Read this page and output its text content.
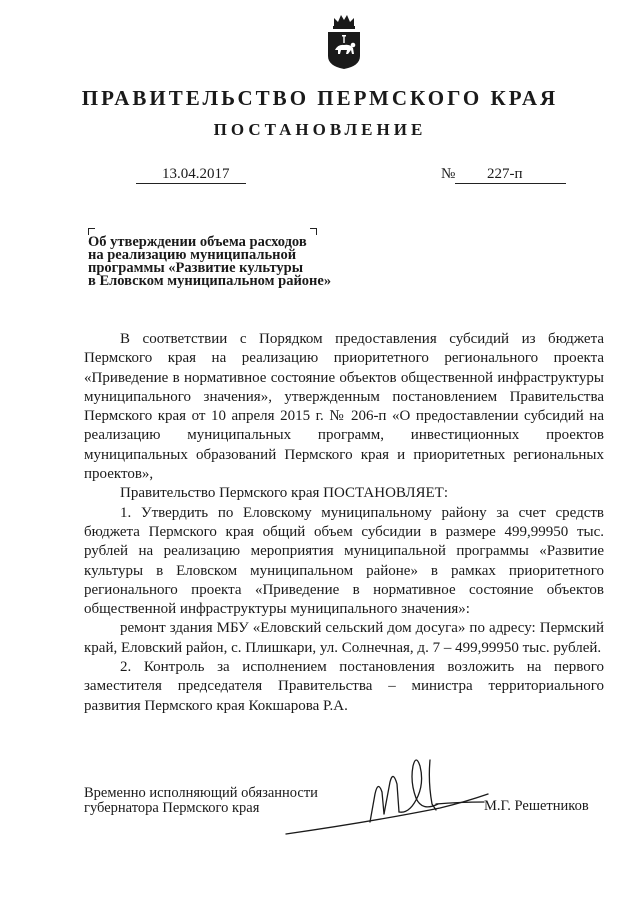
ПРАВИТЕЛЬСТВО ПЕРМСКОГО КРАЯ
ПОСТАНОВЛЕНИЕ
13.04.2017	№ 227-п
Об утверждении объема расходов
на реализацию муниципальной
программы «Развитие культуры
в Еловском муниципальном районе»

В соответствии с Порядком предоставления субсидий из бюджета Пермского края на реализацию приоритетного регионального проекта «Приведение в нормативное состояние объектов общественной инфраструктуры муниципального значения», утвержденным постановлением Правительства Пермского края от 10 апреля 2015 г. № 206-п «О предоставлении субсидий на реализацию муниципальных программ, инвестиционных проектов муниципальных образований Пермского края и приоритетных региональных проектов»,

Правительство Пермского края ПОСТАНОВЛЯЕТ:

1. Утвердить по Еловскому муниципальному району за счет средств бюджета Пермского края общий объем субсидии в размере 499,99950 тыс. рублей на реализацию мероприятия муниципальной программы «Развитие культуры в Еловском муниципальном районе» в рамках приоритетного регионального проекта «Приведение в нормативное состояние объектов общественной инфраструктуры муниципального значения»:

ремонт здания МБУ «Еловский сельский дом досуга» по адресу: Пермский край, Еловский район, с. Плишкари, ул. Солнечная, д. 7 – 499,99950 тыс. рублей.

2. Контроль за исполнением постановления возложить на первого заместителя председателя Правительства – министра территориального развития Пермского края Кокшарова Р.А.

Временно исполняющий обязанности
губернатора Пермского края	М.Г. Решетников
